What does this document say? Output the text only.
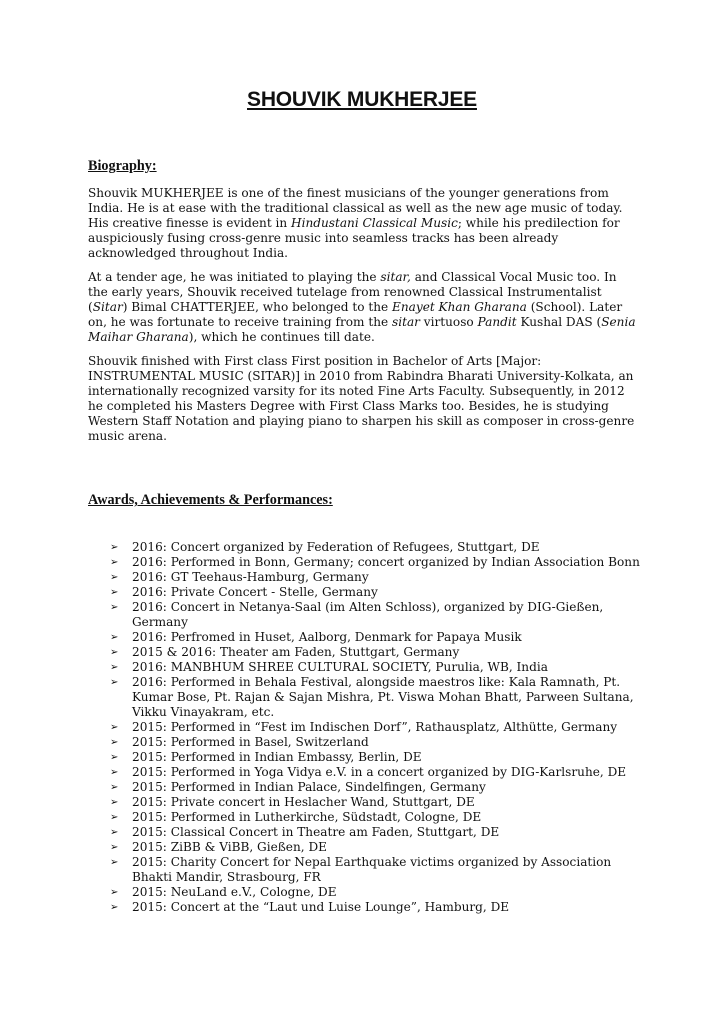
SHOUVIK MUKHERJEE
Biography:

Shouvik MUKHERJEE is one of the finest musicians of the younger generations from India. He is at ease with the traditional classical as well as the new age music of today. His creative finesse is evident in Hindustani Classical Music; while his predilection for auspiciously fusing cross-genre music into seamless tracks has been already acknowledged throughout India.

At a tender age, he was initiated to playing the sitar, and Classical Vocal Music too. In the early years, Shouvik received tutelage from renowned Classical Instrumentalist (Sitar) Bimal CHATTERJEE, who belonged to the Enayet Khan Gharana (School). Later on, he was fortunate to receive training from the sitar virtuoso Pandit Kushal DAS (Senia Maihar Gharana), which he continues till date.

Shouvik finished with First class First position in Bachelor of Arts [Major: INSTRUMENTAL MUSIC (SITAR)] in 2010 from Rabindra Bharati University-Kolkata, an internationally recognized varsity for its noted Fine Arts Faculty. Subsequently, in 2012 he completed his Masters Degree with First Class Marks too. Besides, he is studying Western Staff Notation and playing piano to sharpen his skill as composer in cross-genre music arena.

Awards, Achievements & Performances:
➢ 2016: Concert organized by Federation of Refugees, Stuttgart, DE
➢ 2016: Performed in Bonn, Germany; concert organized by Indian Association Bonn
➢ 2016: GT Teehaus-Hamburg, Germany
➢ 2016: Private Concert - Stelle, Germany
➢ 2016: Concert in Netanya-Saal (im Alten Schloss), organized by DIG-Gießen, Germany
➢ 2016: Perfromed in Huset, Aalborg, Denmark for Papaya Musik
➢ 2015 & 2016: Theater am Faden, Stuttgart, Germany
➢ 2016: MANBHUM SHREE CULTURAL SOCIETY, Purulia, WB, India
➢ 2016: Performed in Behala Festival, alongside maestros like: Kala Ramnath, Pt. Kumar Bose, Pt. Rajan & Sajan Mishra, Pt. Viswa Mohan Bhatt, Parween Sultana, Vikku Vinayakram, etc.
➢ 2015: Performed in “Fest im Indischen Dorf”, Rathausplatz, Althütte, Germany
➢ 2015: Performed in Basel, Switzerland
➢ 2015: Performed in Indian Embassy, Berlin, DE
➢ 2015: Performed in Yoga Vidya e.V. in a concert organized by DIG-Karlsruhe, DE
➢ 2015: Performed in Indian Palace, Sindelfingen, Germany
➢ 2015: Private concert in Heslacher Wand, Stuttgart, DE
➢ 2015: Performed in Lutherkirche, Südstadt, Cologne, DE
➢ 2015: Classical Concert in Theatre am Faden, Stuttgart, DE
➢ 2015: ZiBB & ViBB, Gießen, DE
➢ 2015: Charity Concert for Nepal Earthquake victims organized by Association Bhakti Mandir, Strasbourg, FR
➢ 2015: NeuLand e.V., Cologne, DE
➢ 2015: Concert at the “Laut und Luise Lounge”, Hamburg, DE
